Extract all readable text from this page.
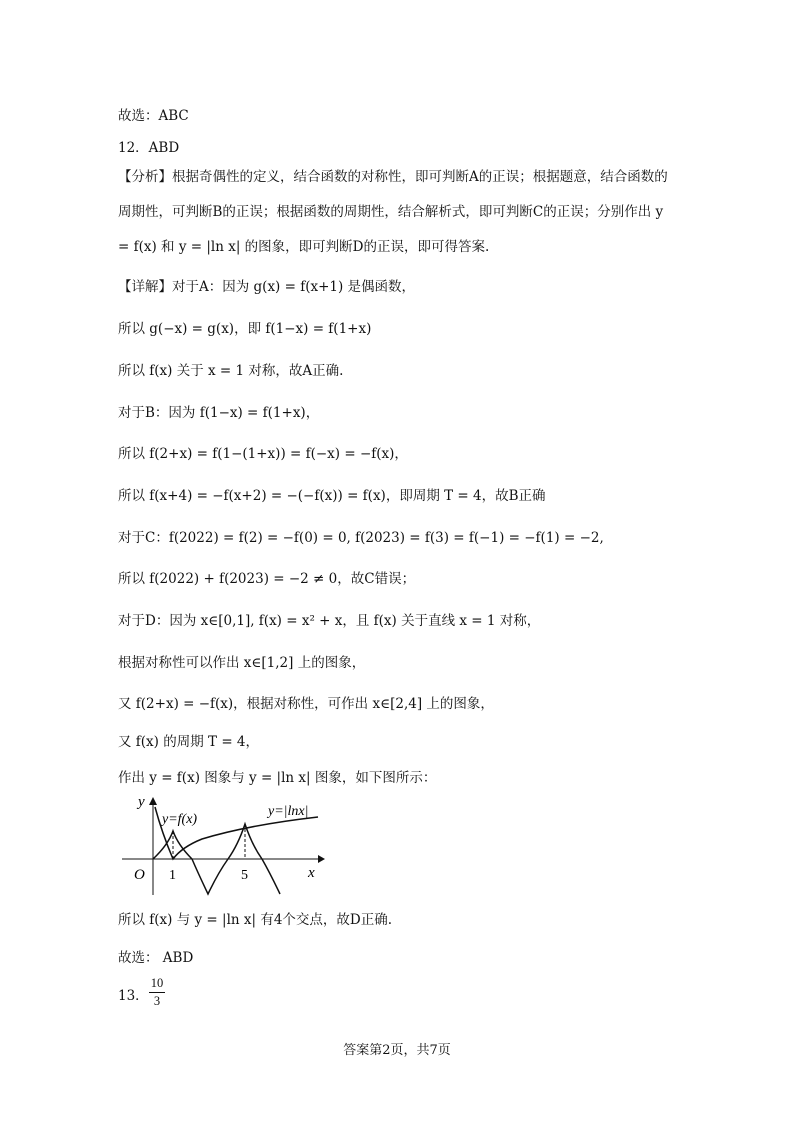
故选：ABC
12．ABD
【分析】根据奇偶性的定义，结合函数的对称性，即可判断A的正误；根据题意，结合函数的周期性，可判断B的正误；根据函数的周期性，结合解析式，即可判断C的正误；分别作出 y = f(x) 和 y = |ln x| 的图象，即可判断D的正误，即可得答案.
【详解】对于A：因为 g(x) = f(x+1) 是偶函数，
所以 g(−x) = g(x)，即 f(1−x) = f(1+x)
所以 f(x) 关于 x = 1 对称，故A正确.
对于B：因为 f(1−x) = f(1+x)，
所以 f(2+x) = f(1−(1+x)) = f(−x) = −f(x)，
所以 f(x+4) = −f(x+2) = −(−f(x)) = f(x)，即周期 T = 4，故B正确
对于C：f(2022) = f(2) = −f(0) = 0, f(2023) = f(3) = f(−1) = −f(1) = −2,
所以 f(2022) + f(2023) = −2 ≠ 0，故C错误；
对于D：因为 x∈[0,1], f(x) = x² + x，且 f(x) 关于直线 x = 1 对称，
根据对称性可以作出 x∈[1,2] 上的图象，
又 f(2+x) = −f(x)，根据对称性，可作出 x∈[2,4] 上的图象，
又 f(x) 的周期 T = 4，
作出 y = f(x) 图象与 y = |ln x| 图象，如下图所示：
y
x
O 1	5
y=f(x)
y=|lnx|
所以 f(x) 与 y = |ln x| 有4个交点，故D正确.
故选： ABD
13．
10
3
答案第2页，共7页
